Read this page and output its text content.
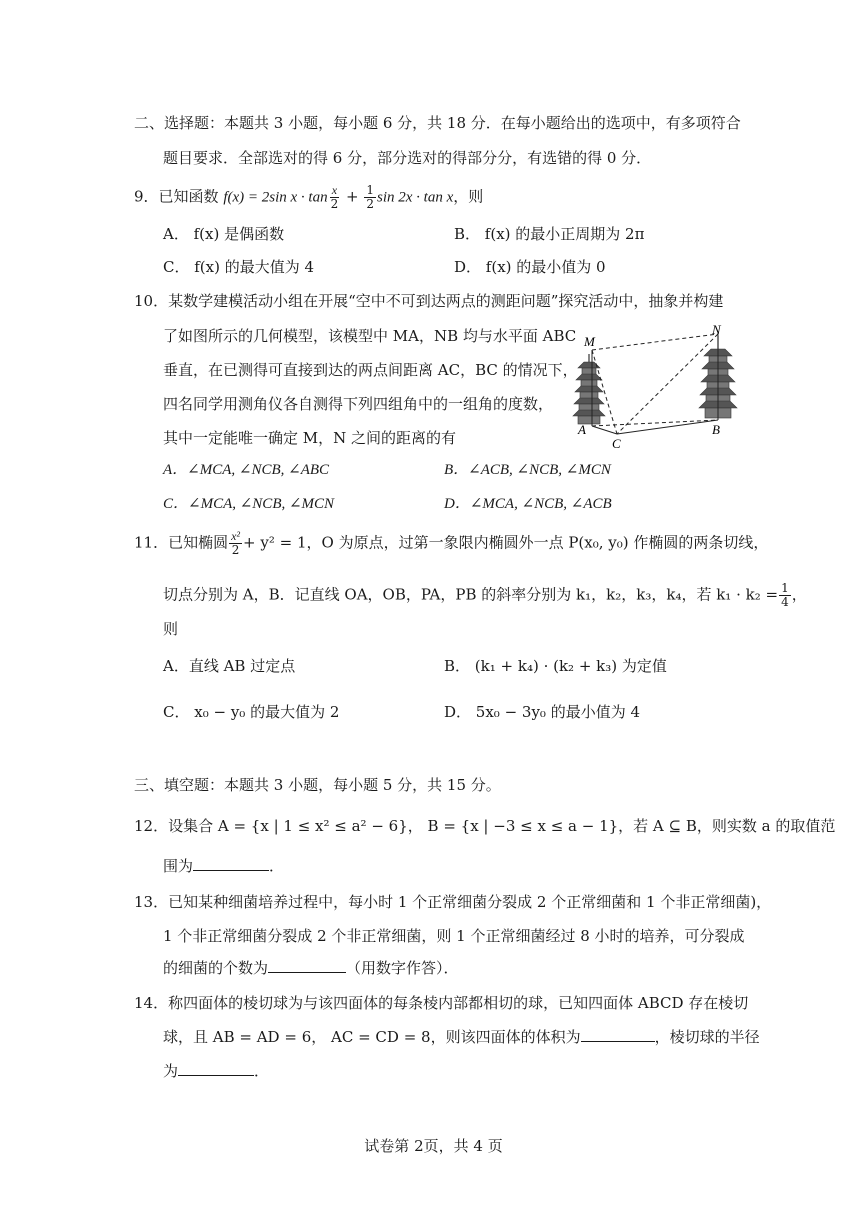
二、选择题：本题共 3 小题，每小题 6 分，共 18 分．在每小题给出的选项中，有多项符合
题目要求．全部选对的得 6 分，部分选对的得部分分，有选错的得 0 分．
9．已知函数 f(x) = 2sin $x \cdot \tan \frac{x}{2} + \frac{1}{2}$ sin 2x · tan x，则
A． f(x) 是偶函数	B． f(x) 的最小正周期为 2π
C． f(x) 的最大值为 4	D． f(x) 的最小值为 0
10．某数学建模活动小组在开展“空中不可到达两点的测距问题”探究活动中，抽象并构建
了如图所示的几何模型，该模型中 MA，NB 均与水平面 ABC
垂直，在已测得可直接到达的两点间距离 AC，BC 的情况下，
四名同学用测角仪各自测得下列四组角中的一组角的度数，
其中一定能唯一确定 M，N 之间的距离的有
M
N
A	B
C
A．∠MCA, ∠NCB, ∠ABC	B．∠ACB, ∠NCB, ∠MCN
C．∠MCA, ∠NCB, ∠MCN	D．∠MCA, ∠NCB, ∠ACB
11．已知椭圆 $\frac{\text{x²}}{2} + y^2 = 1$，O 为原点，过第一象限内椭圆外一点 P(x₀, y₀) 作椭圆的两条切线，
切点分别为 A，B．记直线 OA，OB，PA，PB 的斜率分别为 k₁，k₂，k₃，k₄，若 $k_1 \cdot k_2 = \frac{1}{4}$ ，
则
A．直线 AB 过定点	B． (k₁ + k₄) · (k₂ + k₃) 为定值
C． x₀ − y₀ 的最大值为 2	D． 5x₀ − 3y₀ 的最小值为 4
三、填空题：本题共 3 小题，每小题 5 分，共 15 分。
12．设集合 A = {x | 1 ≤ x² ≤ a² − 6}， B = {x | −3 ≤ x ≤ a − 1}，若 A ⊆ B，则实数 a 的取值范
围为	．
13．已知某种细菌培养过程中，每小时 1 个正常细菌分裂成 2 个正常细菌和 1 个非正常细菌)，
1 个非正常细菌分裂成 2 个非正常细菌，则 1 个正常细菌经过 8 小时的培养，可分裂成
的细菌的个数为	（用数字作答）．
14．称四面体的棱切球为与该四面体的每条棱内部都相切的球，已知四面体 ABCD 存在棱切
球，且 AB = AD = 6， AC = CD = 8，则该四面体的体积为	，棱切球的半径
为	．
试卷第 2页，共 4 页
